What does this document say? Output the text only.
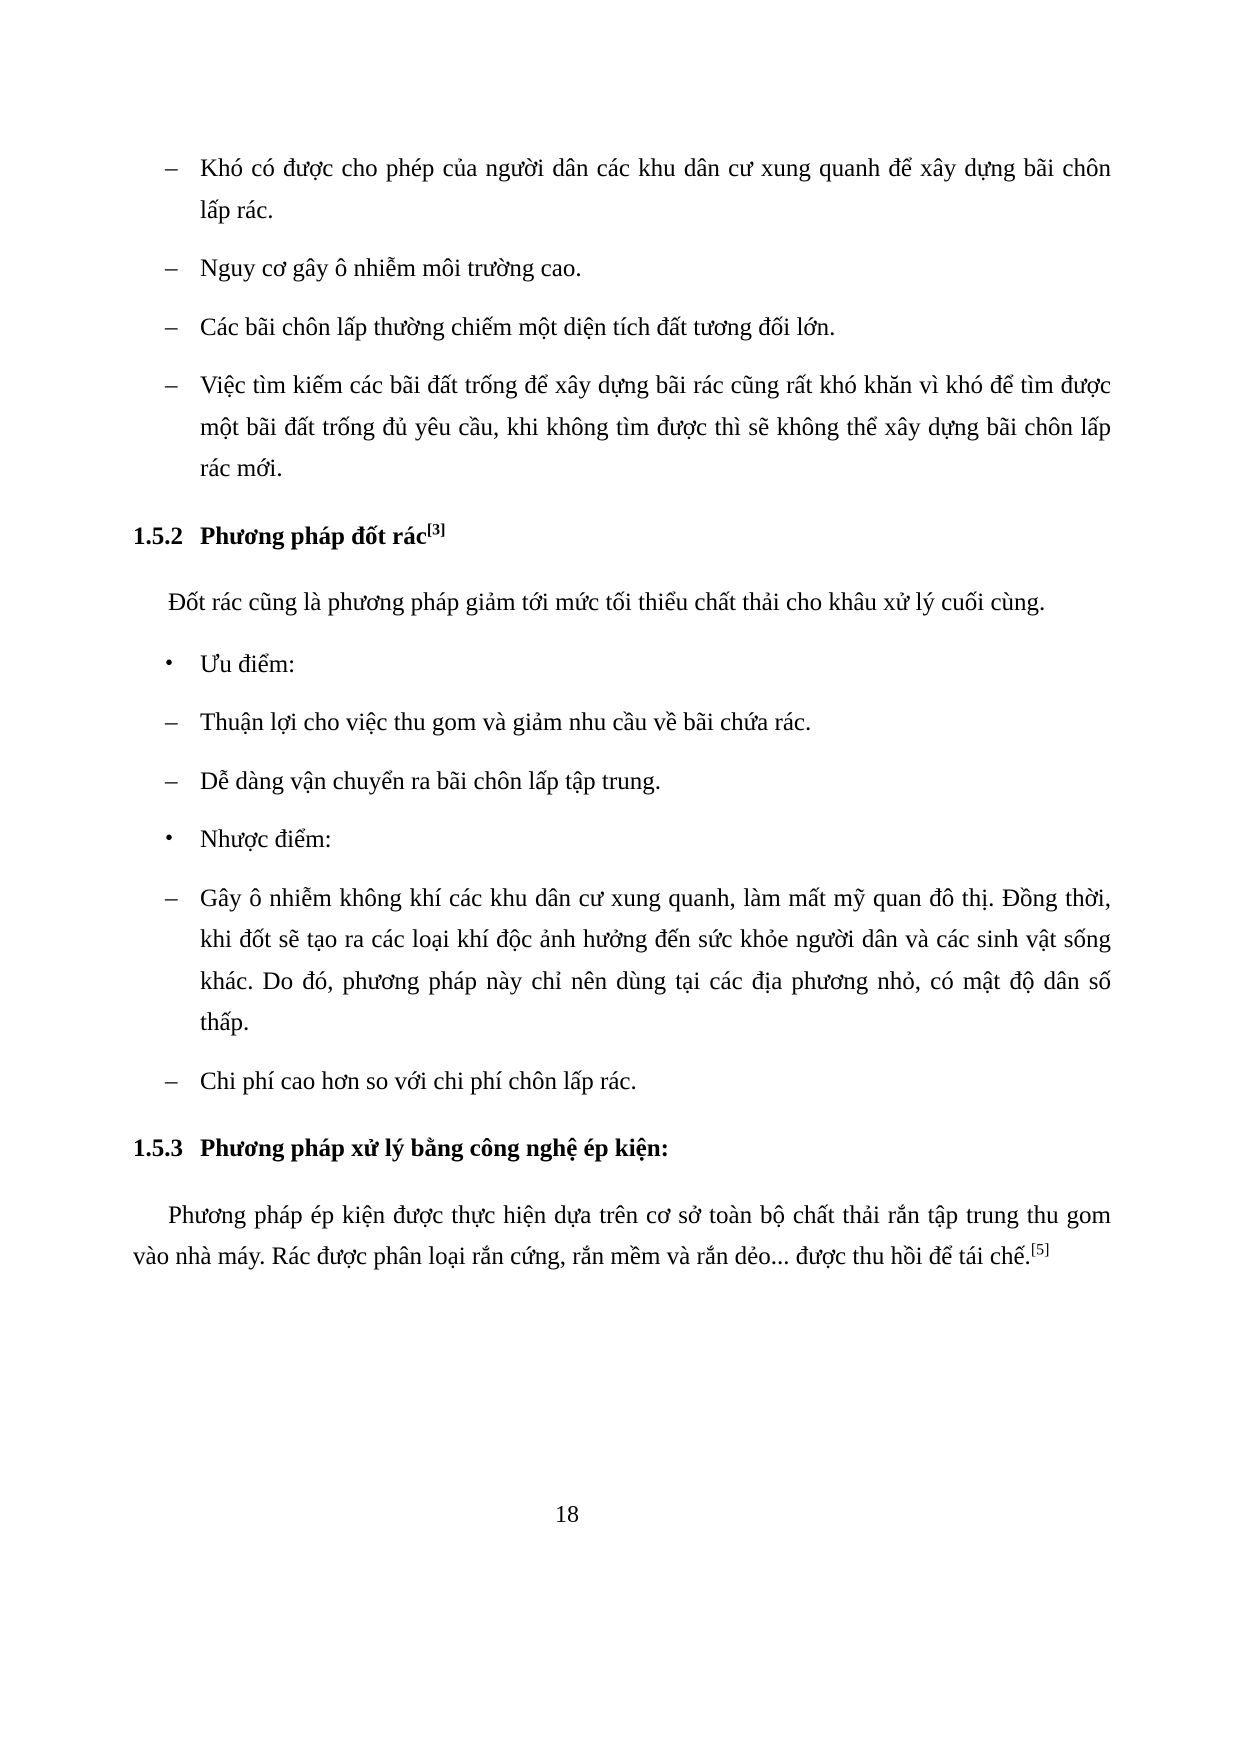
– Khó có được cho phép của người dân các khu dân cư xung quanh để xây dựng bãi chôn lấp rác.
– Nguy cơ gây ô nhiễm môi trường cao.
– Các bãi chôn lấp thường chiếm một diện tích đất tương đối lớn.
– Việc tìm kiếm các bãi đất trống để xây dựng bãi rác cũng rất khó khăn vì khó để tìm được một bãi đất trống đủ yêu cầu, khi không tìm được thì sẽ không thể xây dựng bãi chôn lấp rác mới.
1.5.2 Phương pháp đốt rác[3]

Đốt rác cũng là phương pháp giảm tới mức tối thiểu chất thải cho khâu xử lý cuối cùng.

•	Ưu điểm:
– Thuận lợi cho việc thu gom và giảm nhu cầu về bãi chứa rác.
– Dễ dàng vận chuyển ra bãi chôn lấp tập trung.
•	Nhược điểm:
– Gây ô nhiễm không khí các khu dân cư xung quanh, làm mất mỹ quan đô thị. Đồng thời, khi đốt sẽ tạo ra các loại khí độc ảnh hưởng đến sức khỏe người dân và các sinh vật sống khác. Do đó, phương pháp này chỉ nên dùng tại các địa phương nhỏ, có mật độ dân số thấp.
– Chi phí cao hơn so với chi phí chôn lấp rác.
1.5.3 Phương pháp xử lý bằng công nghệ ép kiện:

Phương pháp ép kiện được thực hiện dựa trên cơ sở toàn bộ chất thải rắn tập trung thu gom vào nhà máy. Rác được phân loại rắn cứng, rắn mềm và rắn dẻo... được thu hồi để tái chế.[5]

18
